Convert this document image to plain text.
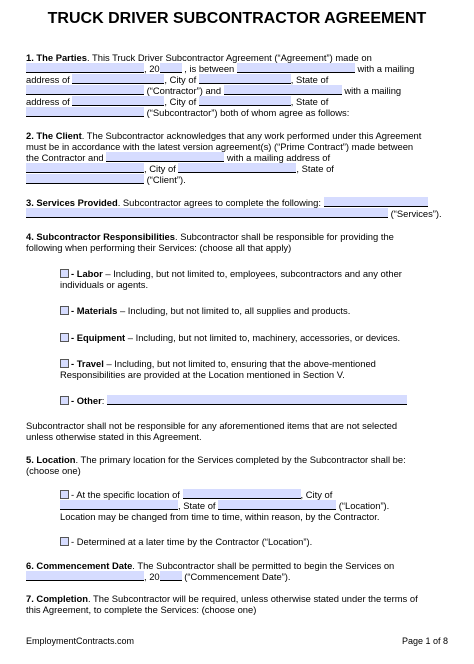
TRUCK DRIVER SUBCONTRACTOR AGREEMENT
1. The Parties. This Truck Driver Subcontractor Agreement (“Agreement”) made on
, 20 , is between	with a mailing
address of	, City of	, State of
(“Contractor”) and	with a mailing
address of	, City of	, State of
(“Subcontractor”) both of whom agree as follows:
2. The Client. The Subcontractor acknowledges that any work performed under this Agreement
must be in accordance with the latest version agreement(s) (“Prime Contract”) made between
the Contractor and	with a mailing address of
, City of	, State of
(“Client”).
3. Services Provided. Subcontractor agrees to complete the following:
(“Services”).
4. Subcontractor Responsibilities. Subcontractor shall be responsible for providing the
following when performing their Services: (choose all that apply)
- Labor – Including, but not limited to, employees, subcontractors and any other
individuals or agents.
- Materials – Including, but not limited to, all supplies and products.
- Equipment – Including, but not limited to, machinery, accessories, or devices.
- Travel – Including, but not limited to, ensuring that the above-mentioned
Responsibilities are provided at the Location mentioned in Section V.
- Other:
Subcontractor shall not be responsible for any aforementioned items that are not selected
unless otherwise stated in this Agreement.
5. Location. The primary location for the Services completed by the Subcontractor shall be:
(choose one)
- At the specific location of	, City of
, State of	(“Location”).
Location may be changed from time to time, within reason, by the Contractor.
- Determined at a later time by the Contractor (“Location”).
6. Commencement Date. The Subcontractor shall be permitted to begin the Services on
, 20 (“Commencement Date”).
7. Completion. The Subcontractor will be required, unless otherwise stated under the terms of
this Agreement, to complete the Services: (choose one)
EmploymentContracts.com	Page 1 of 8
